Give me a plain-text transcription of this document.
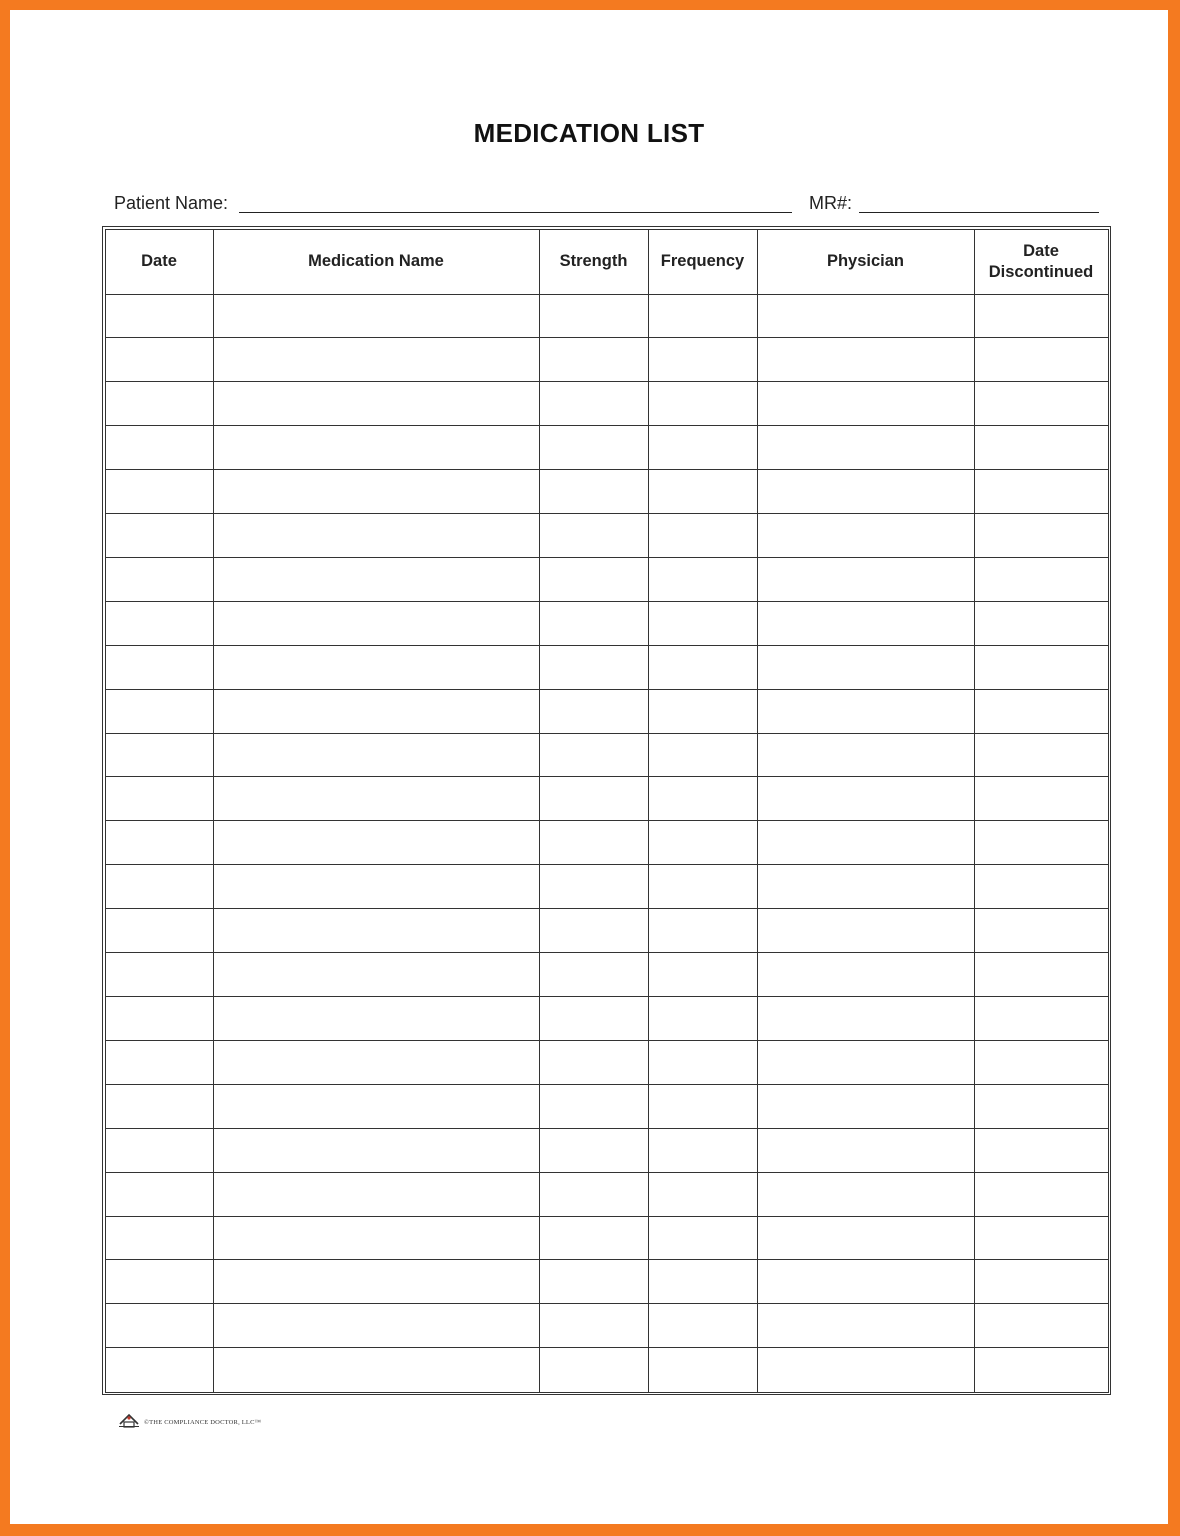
MEDICATION LIST
Patient Name:	MR#:
Date	Medication Name	Strength	Frequency	Physician	Date
Discontinued

©THE COMPLIANCE DOCTOR, LLC™
